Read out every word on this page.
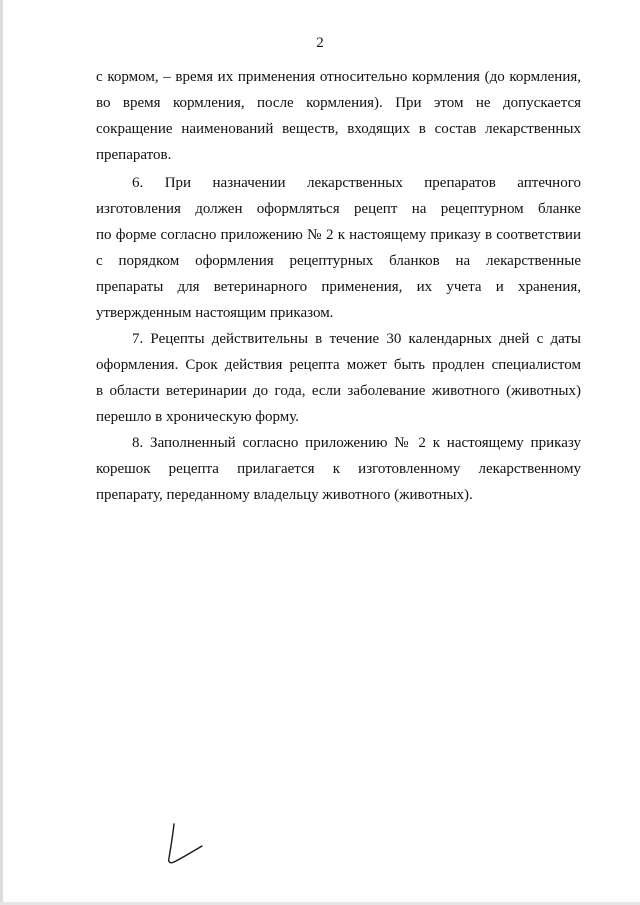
2
с кормом, – время их применения относительно кормления (до кормления,
во время кормления, после кормления). При этом не допускается
сокращение наименований веществ, входящих в состав лекарственных
препаратов.
6. При назначении лекарственных препаратов аптечного
изготовления должен оформляться рецепт на рецептурном бланке
по форме согласно приложению № 2 к настоящему приказу в соответствии
с порядком оформления рецептурных бланков на лекарственные
препараты для ветеринарного применения, их учета и хранения,
утвержденным настоящим приказом.
7. Рецепты действительны в течение 30 календарных дней с даты
оформления. Срок действия рецепта может быть продлен специалистом
в области ветеринарии до года, если заболевание животного (животных)
перешло в хроническую форму.
8. Заполненный согласно приложению № 2 к настоящему приказу
корешок рецепта прилагается к изготовленному лекарственному
препарату, переданному владельцу животного (животных).
